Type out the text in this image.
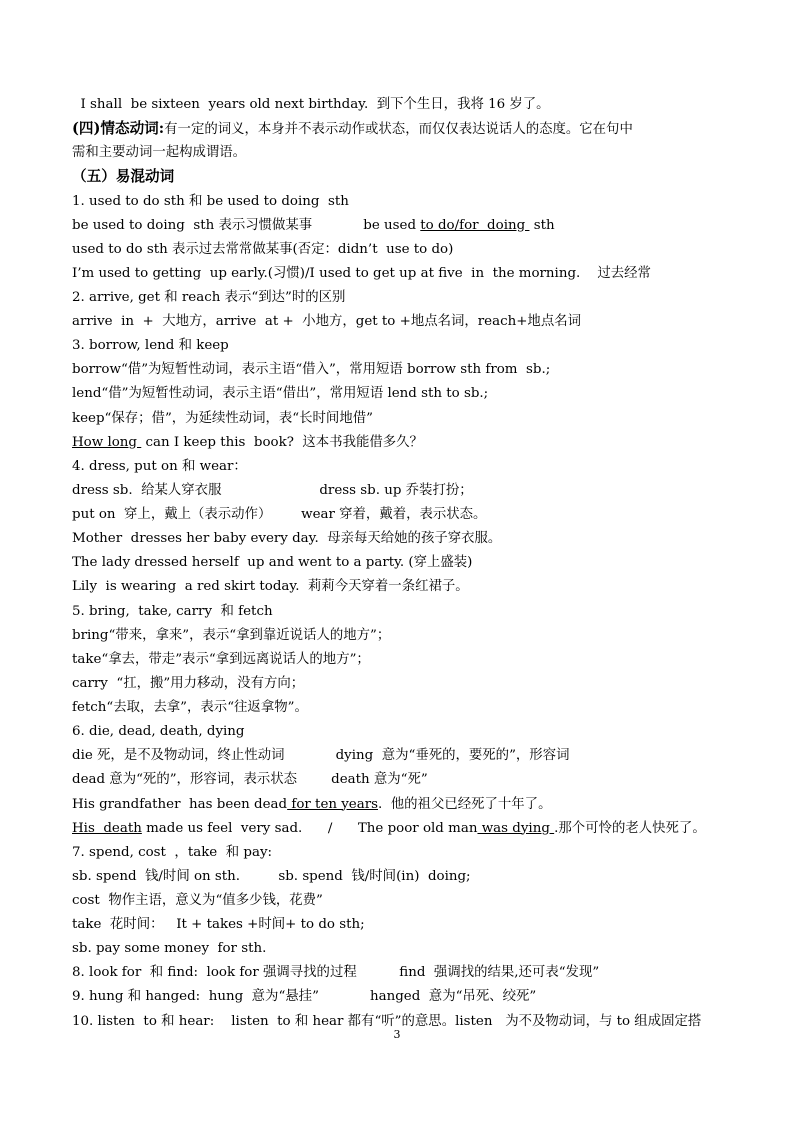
I shall  be sixteen  years old next birthday.  到下个生日，我将 16 岁了。
(四)情态动词:有一定的词义，本身并不表示动作或状态，而仅仅表达说话人的态度。它在句中
需和主要动词一起构成谓语。
（五）易混动词
1. used to do sth 和 be used to doing  sth
be used to doing  sth 表示习惯做某事            be used to do/for  doing  sth
used to do sth 表示过去常常做某事(否定：didn’t  use to do)
I’m used to getting  up early.(习惯)/I used to get up at five  in  the morning.    过去经常
2. arrive, get 和 reach 表示“到达”时的区别
arrive  in  +  大地方，arrive  at +  小地方，get to +地点名词，reach+地点名词
3. borrow, lend 和 keep
borrow“借”为短暂性动词，表示主语“借入”，常用短语 borrow sth from  sb.;
lend“借”为短暂性动词，表示主语“借出”，常用短语 lend sth to sb.;
keep“保存；借”，为延续性动词，表“长时间地借”
How long  can I keep this  book?  这本书我能借多久？
4. dress, put on 和 wear：
dress sb.  给某人穿衣服                       dress sb. up 乔装打扮；
put on  穿上，戴上（表示动作）       wear 穿着，戴着，表示状态。
Mother  dresses her baby every day.  母亲每天给她的孩子穿衣服。
The lady dressed herself  up and went to a party. (穿上盛装)
Lily  is wearing  a red skirt today.  莉莉今天穿着一条红裙子。
5. bring,  take, carry  和 fetch
bring“带来，拿来”，表示“拿到靠近说话人的地方”；
take“拿去，带走”表示“拿到远离说话人的地方”；
carry  “扛，搬”用力移动，没有方向；
fetch“去取，去拿”，表示“往返拿物”。
6. die, dead, death, dying
die 死，是不及物动词，终止性动词            dying  意为“垂死的，要死的”，形容词
dead 意为“死的”，形容词，表示状态        death 意为“死”
His grandfather  has been dead for ten years.  他的祖父已经死了十年了。
His  death made us feel  very sad.      /      The poor old man was dying .那个可怜的老人快死了。
7. spend, cost  ，take  和 pay:
sb. spend  钱/时间 on sth.         sb. spend  钱/时间(in)  doing;
cost  物作主语，意义为“值多少钱，花费”
take  花时间：   It + takes +时间+ to do sth;
sb. pay some money  for sth.
8. look for  和 find:  look for 强调寻找的过程          find  强调找的结果,还可表“发现”
9. hung 和 hanged:  hung  意为“悬挂”            hanged  意为“吊死、绞死”
10. listen  to 和 hear:    listen  to 和 hear 都有“听”的意思。listen   为不及物动词，与 to 组成固定搭
3
